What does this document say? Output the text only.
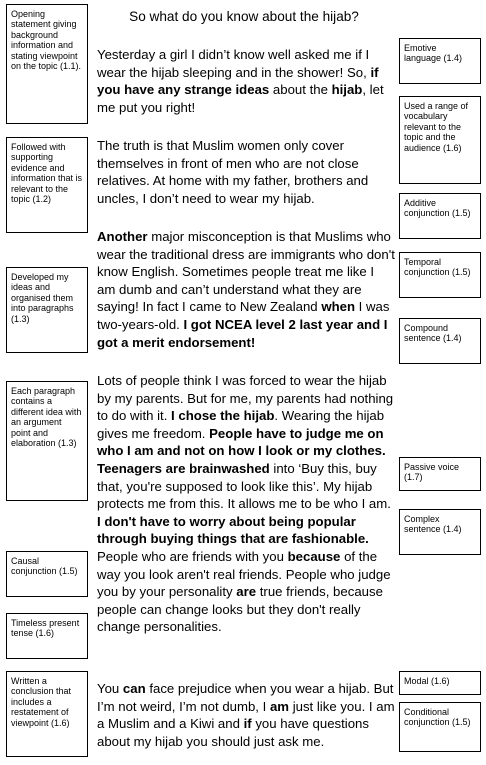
So what do you know about the hijab?
Opening statement giving background information and stating viewpoint on the topic (1.1).
Followed with supporting evidence and information that is relevant to the topic (1.2)
Developed my ideas and organised them into paragraphs (1.3)
Each paragraph contains a different idea with an argument point and elaboration (1.3)
Causal conjunction (1.5)
Timeless present tense (1.6)
Written a conclusion that includes a restatement of viewpoint (1.6)
Emotive language (1.4)
Used a range of vocabulary relevant to the topic and the audience (1.6)
Additive conjunction (1.5)
Temporal conjunction (1.5)
Compound sentence (1.4)
Passive voice (1.7)
Complex sentence (1.4)
Modal (1.6)
Conditional conjunction (1.5)
Yesterday a girl I didn’t know well asked me if I wear the hijab sleeping and in the shower! So, if you have any strange ideas about the hijab, let me put you right!
The truth is that Muslim women only cover themselves in front of men who are not close relatives. At home with my father, brothers and uncles, I don’t need to wear my hijab.
Another major misconception is that Muslims who wear the traditional dress are immigrants who don't know English. Sometimes people treat me like I am dumb and can’t understand what they are saying! In fact I came to New Zealand when I was two-years-old. I got NCEA level 2 last year and I got a merit endorsement!
Lots of people think I was forced to wear the hijab by my parents. But for me, my parents had nothing to do with it. I chose the hijab. Wearing the hijab gives me freedom. People have to judge me on who I am and not on how I look or my clothes. Teenagers are brainwashed into ‘Buy this, buy that, you're supposed to look like this’. My hijab protects me from this. It allows me to be who I am. I don't have to worry about being popular through buying things that are fashionable. People who are friends with you because of the way you look aren't real friends. People who judge you by your personality are true friends, because people can change looks but they don't really change personalities.
You can face prejudice when you wear a hijab. But I’m not weird, I’m not dumb, I am just like you. I am a Muslim and a Kiwi and if you have questions about my hijab you should just ask me.
